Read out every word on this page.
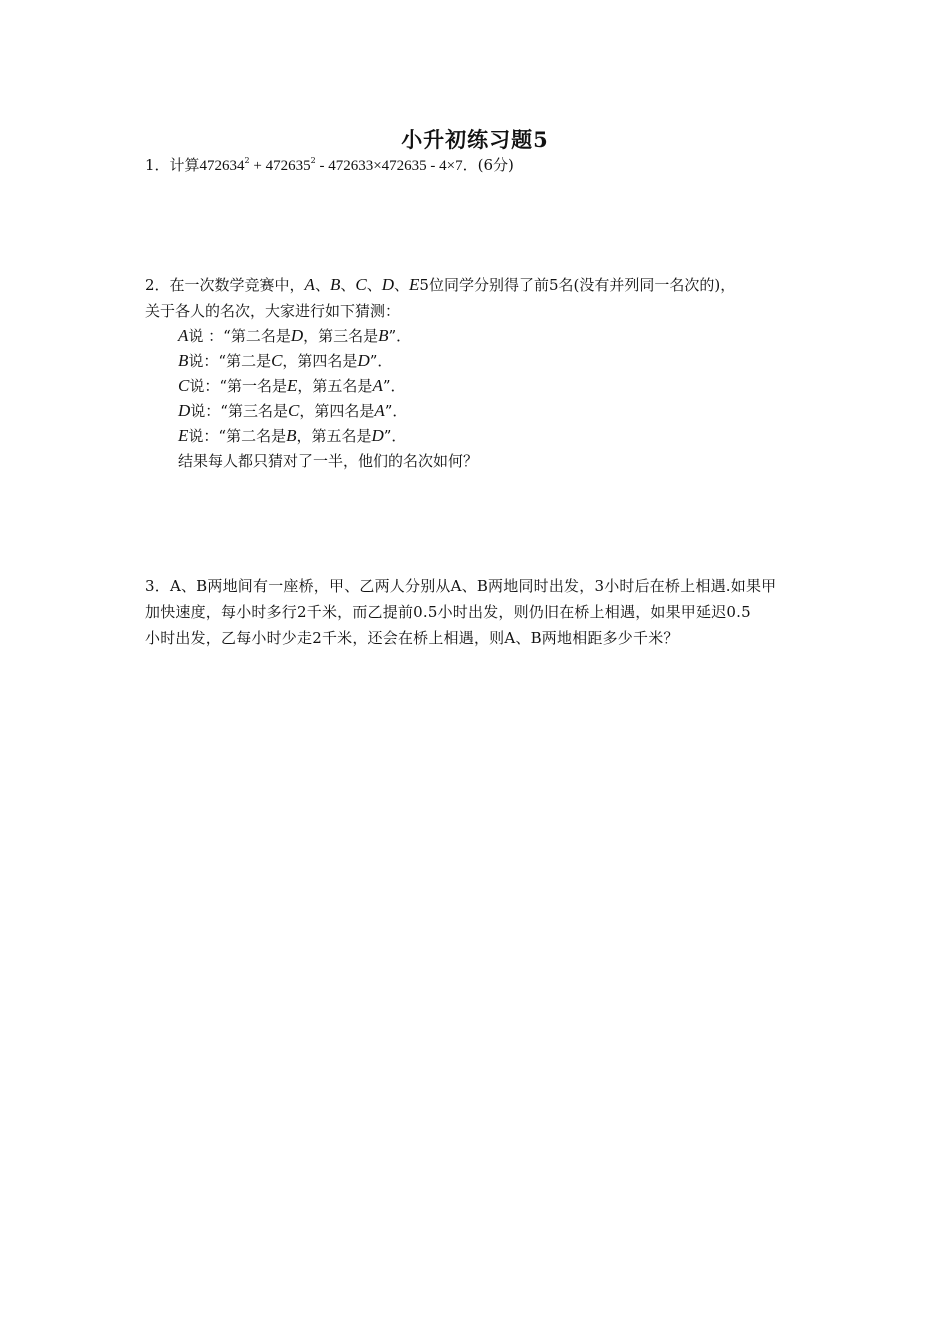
小升初练习题5
1．计算$472634^2 + 472635^2 - 472633\times 472635 - 4\times 7$．(6分)
2．在一次数学竞赛中，A、B、C、D、E5位同学分别得了前5名(没有并列同一名次的)，
关于各人的名次，大家进行如下猜测：
A说 ：“第二名是D，第三名是B”．
B说：“第二是C，第四名是D”．
C说：“第一名是E，第五名是A”．
D说：“第三名是C，第四名是A”．
E说：“第二名是B，第五名是D”．
结果每人都只猜对了一半，他们的名次如何？
3．A、B两地间有一座桥，甲、乙两人分别从A、B两地同时出发，3小时后在桥上相遇.如果甲
加快速度，每小时多行2千米，而乙提前0.5小时出发，则仍旧在桥上相遇，如果甲延迟0.5
小时出发，乙每小时少走2千米，还会在桥上相遇，则A、B两地相距多少千米？
